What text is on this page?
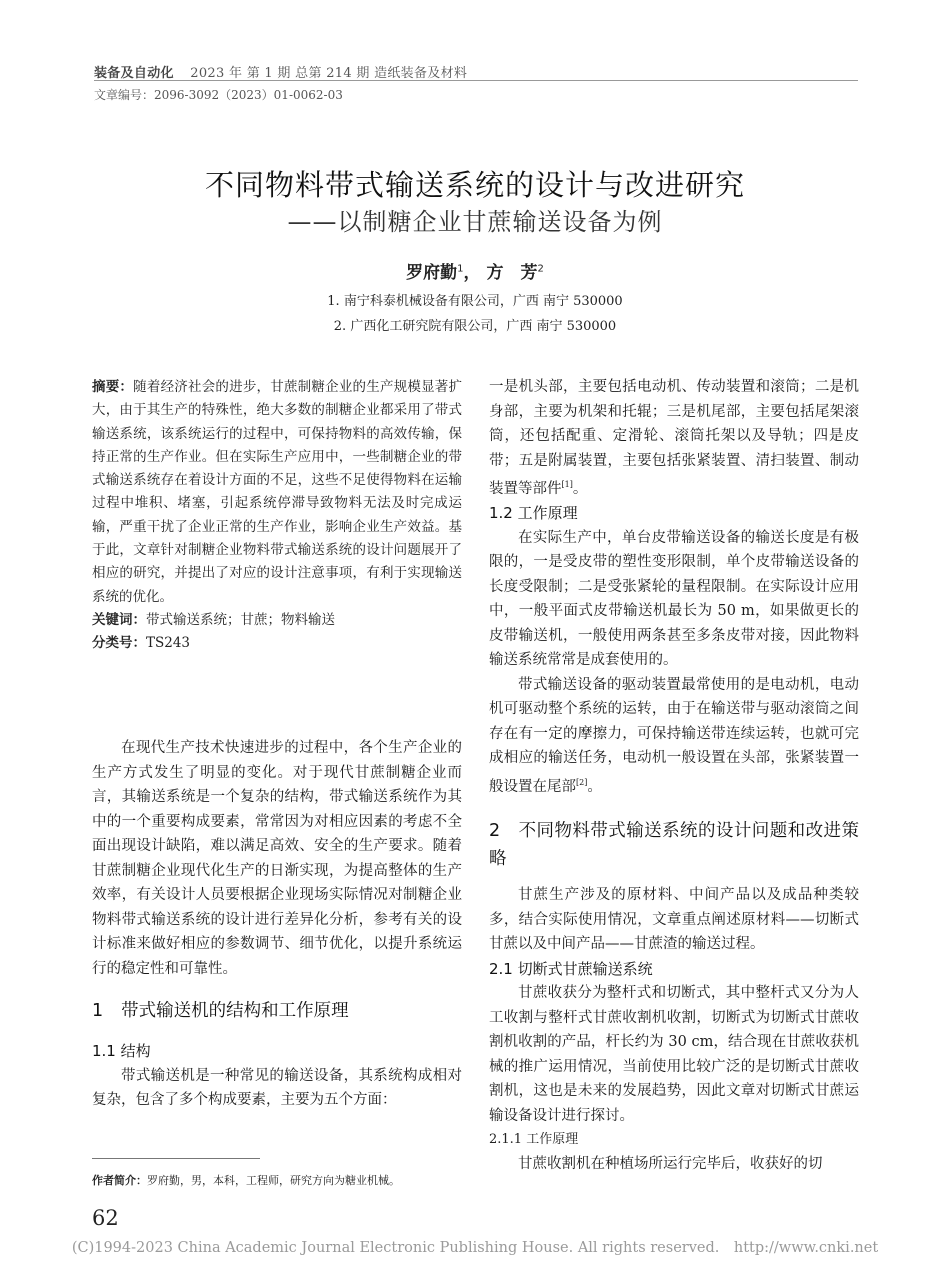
装备及自动化 2023 年 第 1 期 总第 214 期 造纸装备及材料
文章编号：2096-3092（2023）01-0062-03
不同物料带式输送系统的设计与改进研究
——以制糖企业甘蔗输送设备为例
罗府勤$^1$， 方　芳$^2$
1. 南宁科泰机械设备有限公司，广西 南宁 530000
2. 广西化工研究院有限公司，广西 南宁 530000

摘要：随着经济社会的进步，甘蔗制糖企业的生产规模显著扩大，由于其生产的特殊性，绝大多数的制糖企业都采用了带式输送系统，该系统运行的过程中，可保持物料的高效传输，保持正常的生产作业。但在实际生产应用中，一些制糖企业的带式输送系统存在着设计方面的不足，这些不足使得物料在运输过程中堆积、堵塞，引起系统停滞导致物料无法及时完成运输，严重干扰了企业正常的生产作业，影响企业生产效益。基于此，文章针对制糖企业物料带式输送系统的设计问题展开了相应的研究，并提出了对应的设计注意事项，有利于实现输送系统的优化。

关键词：带式输送系统；甘蔗；物料输送

分类号：TS243

在现代生产技术快速进步的过程中，各个生产企业的生产方式发生了明显的变化。对于现代甘蔗制糖企业而言，其输送系统是一个复杂的结构，带式输送系统作为其中的一个重要构成要素，常常因为对相应因素的考虑不全面出现设计缺陷，难以满足高效、安全的生产要求。随着甘蔗制糖企业现代化生产的日渐实现，为提高整体的生产效率，有关设计人员要根据企业现场实际情况对制糖企业物料带式输送系统的设计进行差异化分析，参考有关的设计标准来做好相应的参数调节、细节优化，以提升系统运行的稳定性和可靠性。

1 带式输送机的结构和工作原理
1.1 结构

带式输送机是一种常见的输送设备，其系统构成相对复杂，包含了多个构成要素，主要为五个方面：

一是机头部，主要包括电动机、传动装置和滚筒；二是机身部，主要为机架和托辊；三是机尾部，主要包括尾架滚筒，还包括配重、定滑轮、滚筒托架以及导轨；四是皮带；五是附属装置，主要包括张紧装置、清扫装置、制动装置等部件[1]。

1.2 工作原理

在实际生产中，单台皮带输送设备的输送长度是有极限的，一是受皮带的塑性变形限制，单个皮带输送设备的长度受限制；二是受张紧轮的量程限制。在实际设计应用中，一般平面式皮带输送机最长为 50 m，如果做更长的皮带输送机，一般使用两条甚至多条皮带对接，因此物料输送系统常常是成套使用的。

带式输送设备的驱动装置最常使用的是电动机，电动机可驱动整个系统的运转，由于在输送带与驱动滚筒之间存在有一定的摩擦力，可保持输送带连续运转，也就可完成相应的输送任务，电动机一般设置在头部，张紧装置一般设置在尾部[2]。

2 不同物料带式输送系统的设计问题和改进策略

甘蔗生产涉及的原材料、中间产品以及成品种类较多，结合实际使用情况，文章重点阐述原材料——切断式甘蔗以及中间产品——甘蔗渣的输送过程。

2.1 切断式甘蔗输送系统

甘蔗收获分为整杆式和切断式，其中整杆式又分为人工收割与整杆式甘蔗收割机收割，切断式为切断式甘蔗收割机收割的产品，杆长约为 30 cm，结合现在甘蔗收获机械的推广运用情况，当前使用比较广泛的是切断式甘蔗收割机，这也是未来的发展趋势，因此文章对切断式甘蔗运输设备设计进行探讨。

2.1.1 工作原理

甘蔗收割机在种植场所运行完毕后，收获好的切

作者简介：罗府勤，男，本科，工程师，研究方向为糖业机械。
62
(C)1994-2023 China Academic Journal Electronic Publishing House. All rights reserved.　http://www.cnki.net
